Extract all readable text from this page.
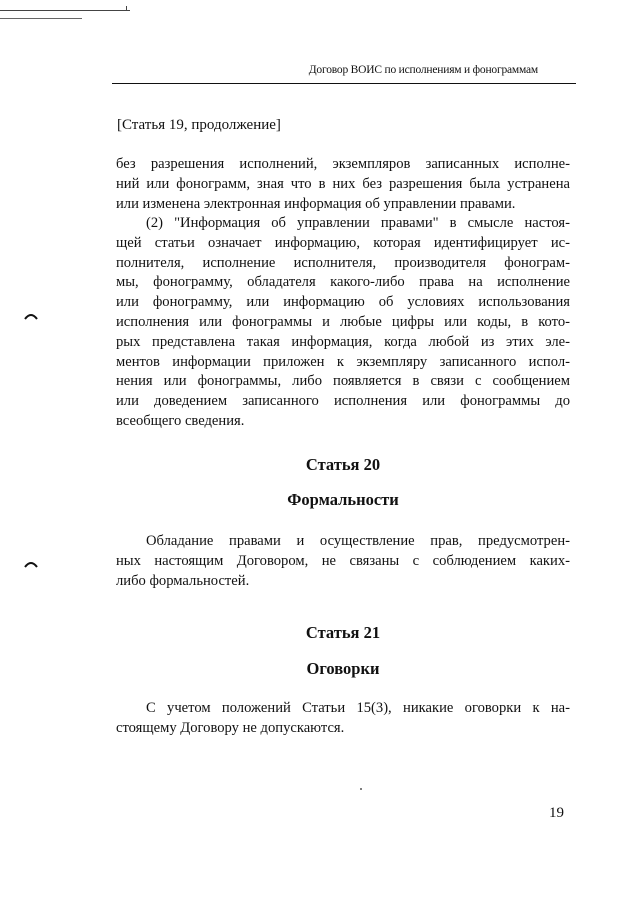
Договор ВОИС по исполнениям и фонограммам
[Статья 19, продолжение]
без разрешения исполнений, экземпляров записанных исполне-
ний или фонограмм, зная что в них без разрешения была устранена
или изменена электронная информация об управлении правами.
(2) "Информация об управлении правами" в смысле настоя-
щей статьи означает информацию, которая идентифицирует ис-
полнителя, исполнение исполнителя, производителя фонограм-
мы, фонограмму, обладателя какого-либо права на исполнение
или фонограмму, или информацию об условиях использования
исполнения или фонограммы и любые цифры или коды, в кото-
рых представлена такая информация, когда любой из этих эле-
ментов информации приложен к экземпляру записанного испол-
нения или фонограммы, либо появляется в связи с сообщением
или доведением записанного исполнения или фонограммы до
всеобщего сведения.
Статья 20
Формальности
Обладание правами и осуществление прав, предусмотрен-
ных настоящим Договором, не связаны с соблюдением каких-
либо формальностей.
Статья 21
Оговорки
С учетом положений Статьи 15(3), никакие оговорки к на-
стоящему Договору не допускаются.
19
